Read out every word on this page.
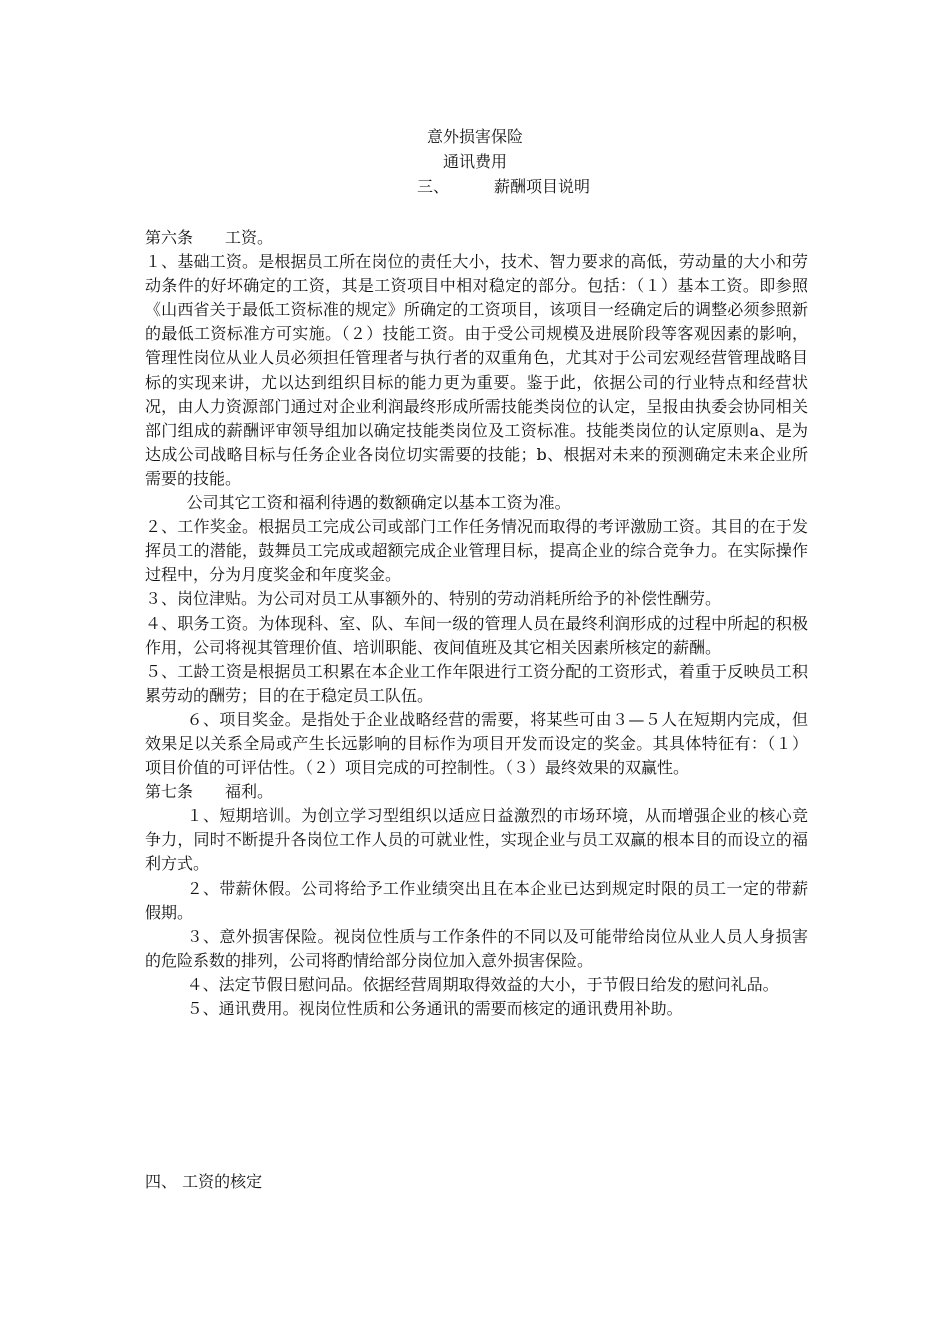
意外损害保险
通讯费用
三、	薪酬项目说明

第六条　　工资。

１、基础工资。是根据员工所在岗位的责任大小，技术、智力要求的高低，劳动量的大小和劳动条件的好坏确定的工资，其是工资项目中相对稳定的部分。包括：（１）基本工资。即参照《山西省关于最低工资标准的规定》所确定的工资项目，该项目一经确定后的调整必须参照新的最低工资标准方可实施。（２）技能工资。由于受公司规模及进展阶段等客观因素的影响，管理性岗位从业人员必须担任管理者与执行者的双重角色，尤其对于公司宏观经营管理战略目标的实现来讲，尤以达到组织目标的能力更为重要。鉴于此，依据公司的行业特点和经营状况，由人力资源部门通过对企业利润最终形成所需技能类岗位的认定，呈报由执委会协同相关部门组成的薪酬评审领导组加以确定技能类岗位及工资标准。技能类岗位的认定原则a、是为达成公司战略目标与任务企业各岗位切实需要的技能；b、根据对未来的预测确定未来企业所需要的技能。

公司其它工资和福利待遇的数额确定以基本工资为准。

２、工作奖金。根据员工完成公司或部门工作任务情况而取得的考评激励工资。其目的在于发挥员工的潜能，鼓舞员工完成或超额完成企业管理目标，提高企业的综合竞争力。在实际操作过程中，分为月度奖金和年度奖金。

３、岗位津贴。为公司对员工从事额外的、特别的劳动消耗所给予的补偿性酬劳。

４、职务工资。为体现科、室、队、车间一级的管理人员在最终利润形成的过程中所起的积极作用，公司将视其管理价值、培训职能、夜间值班及其它相关因素所核定的薪酬。

５、工龄工资是根据员工积累在本企业工作年限进行工资分配的工资形式，着重于反映员工积累劳动的酬劳；目的在于稳定员工队伍。

６、项目奖金。是指处于企业战略经营的需要，将某些可由３—５人在短期内完成，但效果足以关系全局或产生长远影响的目标作为项目开发而设定的奖金。其具体特征有：（１）项目价值的可评估性。（２）项目完成的可控制性。（３）最终效果的双赢性。

第七条　　福利。

１、短期培训。为创立学习型组织以适应日益激烈的市场环境，从而增强企业的核心竞争力，同时不断提升各岗位工作人员的可就业性，实现企业与员工双赢的根本目的而设立的福利方式。

２、带薪休假。公司将给予工作业绩突出且在本企业已达到规定时限的员工一定的带薪假期。

３、意外损害保险。视岗位性质与工作条件的不同以及可能带给岗位从业人员人身损害的危险系数的排列，公司将酌情给部分岗位加入意外损害保险。

４、法定节假日慰问品。依据经营周期取得效益的大小，于节假日给发的慰问礼品。

５、通讯费用。视岗位性质和公务通讯的需要而核定的通讯费用补助。

四、 工资的核定
